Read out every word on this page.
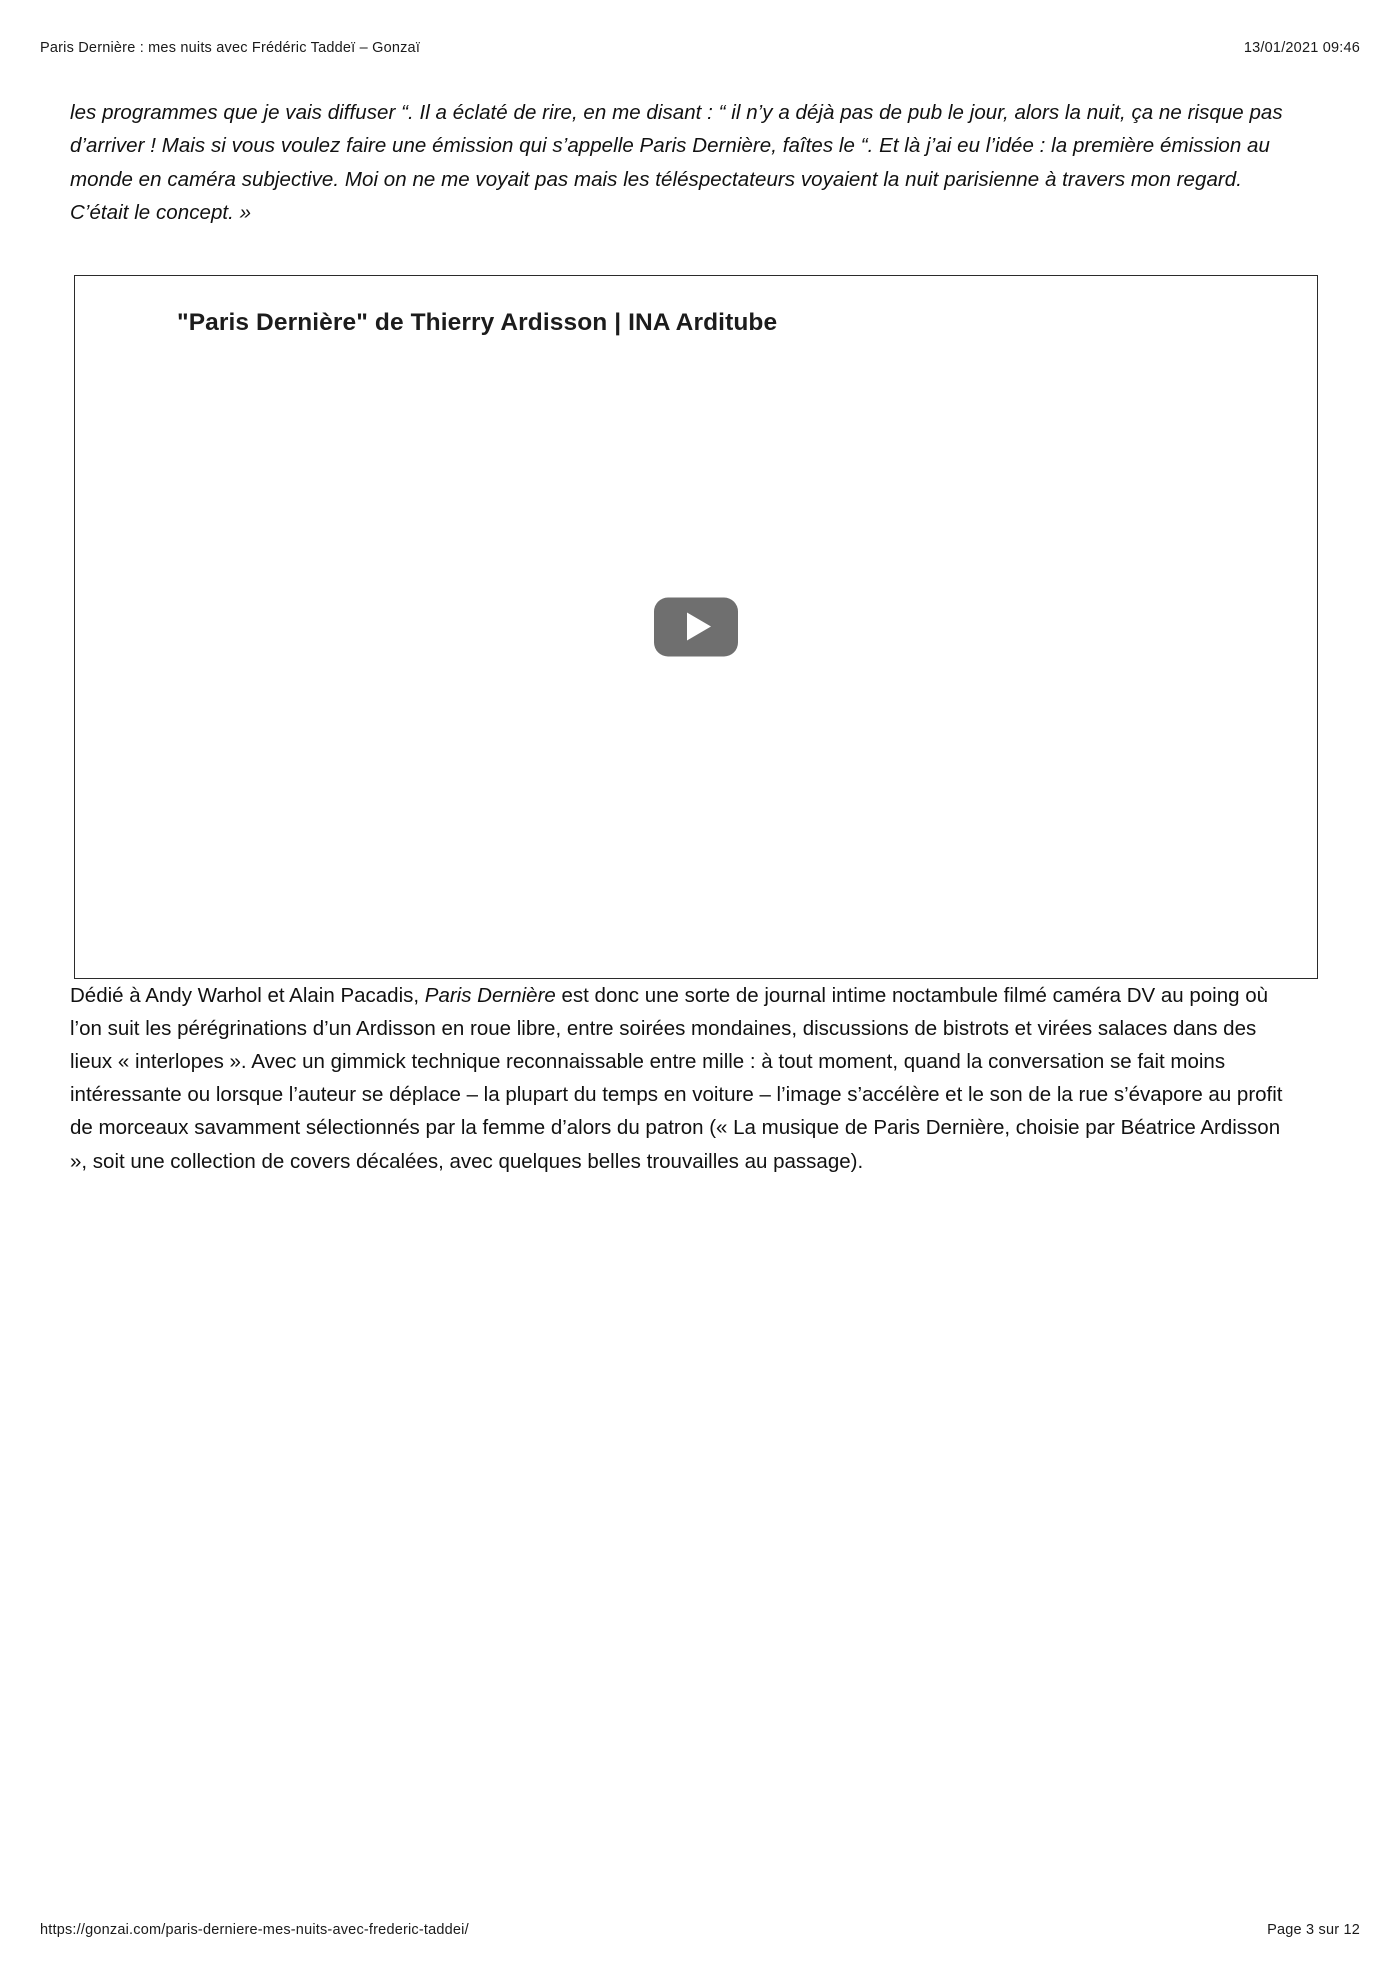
Paris Dernière : mes nuits avec Frédéric Taddeï – Gonzaï	13/01/2021 09:46

les programmes que je vais diffuser “. Il a éclaté de rire, en me disant : “ il n’y a déjà pas de pub le jour, alors la nuit, ça ne risque pas d’arriver ! Mais si vous voulez faire une émission qui s’appelle Paris Dernière, faîtes le “. Et là j’ai eu l’idée : la première émission au monde en caméra subjective. Moi on ne me voyait pas mais les téléspectateurs voyaient la nuit parisienne à travers mon regard. C’était le concept. »

"Paris Dernière" de Thierry Ardisson | INA Arditube

Dédié à Andy Warhol et Alain Pacadis, Paris Dernière est donc une sorte de journal intime noctambule filmé caméra DV au poing où l’on suit les pérégrinations d’un Ardisson en roue libre, entre soirées mondaines, discussions de bistrots et virées salaces dans des lieux « interlopes ». Avec un gimmick technique reconnaissable entre mille : à tout moment, quand la conversation se fait moins intéressante ou lorsque l’auteur se déplace – la plupart du temps en voiture – l’image s’accélère et le son de la rue s’évapore au profit de morceaux savamment sélectionnés par la femme d’alors du patron (« La musique de Paris Dernière, choisie par Béatrice Ardisson », soit une collection de covers décalées, avec quelques belles trouvailles au passage).

https://gonzai.com/paris-derniere-mes-nuits-avec-frederic-taddei/	Page 3 sur 12
